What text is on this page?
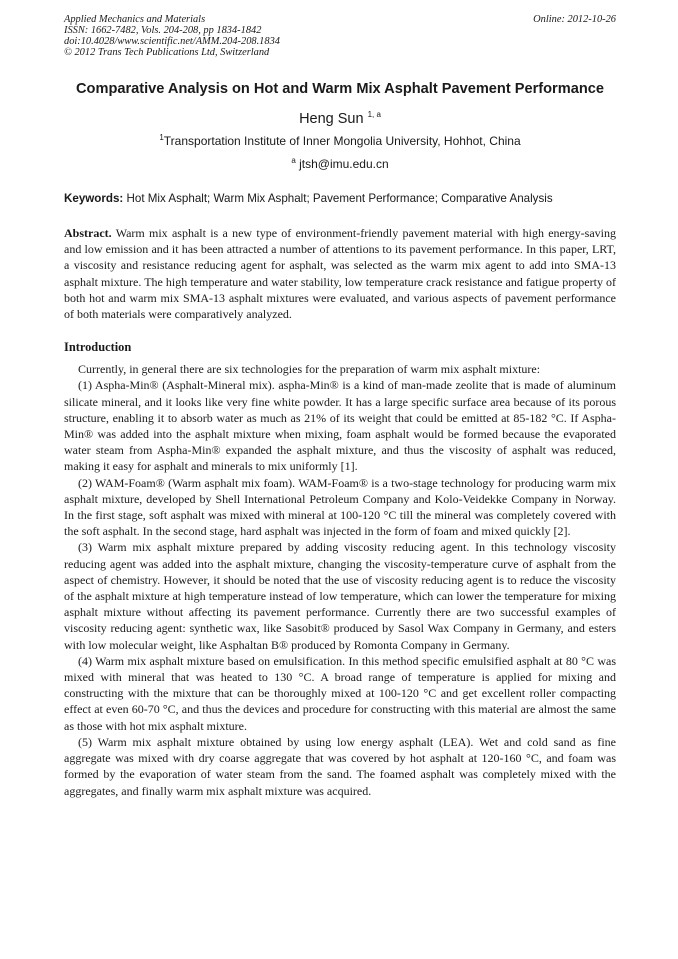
Applied Mechanics and Materials
ISSN: 1662-7482, Vols. 204-208, pp 1834-1842
doi:10.4028/www.scientific.net/AMM.204-208.1834
© 2012 Trans Tech Publications Ltd, Switzerland
Online: 2012-10-26
Comparative Analysis on Hot and Warm Mix Asphalt Pavement Performance
Heng Sun $^{1, a}$
$^1$Transportation Institute of Inner Mongolia University, Hohhot, China
$^a$ jtsh@imu.edu.cn
Keywords: Hot Mix Asphalt; Warm Mix Asphalt; Pavement Performance; Comparative Analysis
Abstract. Warm mix asphalt is a new type of environment-friendly pavement material with high energy-saving and low emission and it has been attracted a number of attentions to its pavement performance. In this paper, LRT, a viscosity and resistance reducing agent for asphalt, was selected as the warm mix agent to add into SMA-13 asphalt mixture. The high temperature and water stability, low temperature crack resistance and fatigue property of both hot and warm mix SMA-13 asphalt mixtures were evaluated, and various aspects of pavement performance of both materials were comparatively analyzed.
Introduction

Currently, in general there are six technologies for the preparation of warm mix asphalt mixture:

(1) Aspha-Min® (Asphalt-Mineral mix). aspha-Min® is a kind of man-made zeolite that is made of aluminum silicate mineral, and it looks like very fine white powder. It has a large specific surface area because of its porous structure, enabling it to absorb water as much as 21% of its weight that could be emitted at 85-182 °C. If Aspha-Min® was added into the asphalt mixture when mixing, foam asphalt would be formed because the evaporated water steam from Aspha-Min® expanded the asphalt mixture, and thus the viscosity of asphalt was reduced, making it easy for asphalt and minerals to mix uniformly [1].

(2) WAM-Foam® (Warm asphalt mix foam). WAM-Foam® is a two-stage technology for producing warm mix asphalt mixture, developed by Shell International Petroleum Company and Kolo-Veidekke Company in Norway. In the first stage, soft asphalt was mixed with mineral at 100-120 °C till the mineral was completely covered with the soft asphalt. In the second stage, hard asphalt was injected in the form of foam and mixed quickly [2].

(3) Warm mix asphalt mixture prepared by adding viscosity reducing agent. In this technology viscosity reducing agent was added into the asphalt mixture, changing the viscosity-temperature curve of asphalt from the aspect of chemistry. However, it should be noted that the use of viscosity reducing agent is to reduce the viscosity of the asphalt mixture at high temperature instead of low temperature, which can lower the temperature for mixing asphalt mixture without affecting its pavement performance. Currently there are two successful examples of viscosity reducing agent: synthetic wax, like Sasobit® produced by Sasol Wax Company in Germany, and esters with low molecular weight, like Asphaltan B® produced by Romonta Company in Germany.

(4) Warm mix asphalt mixture based on emulsification. In this method specific emulsified asphalt at 80 °C was mixed with mineral that was heated to 130 °C. A broad range of temperature is applied for mixing and constructing with the mixture that can be thoroughly mixed at 100-120 °C and get excellent roller compacting effect at even 60-70 °C, and thus the devices and procedure for constructing with this material are almost the same as those with hot mix asphalt mixture.

(5) Warm mix asphalt mixture obtained by using low energy asphalt (LEA). Wet and cold sand as fine aggregate was mixed with dry coarse aggregate that was covered by hot asphalt at 120-160 °C, and foam was formed by the evaporation of water steam from the sand. The foamed asphalt was completely mixed with the aggregates, and finally warm mix asphalt mixture was acquired.
